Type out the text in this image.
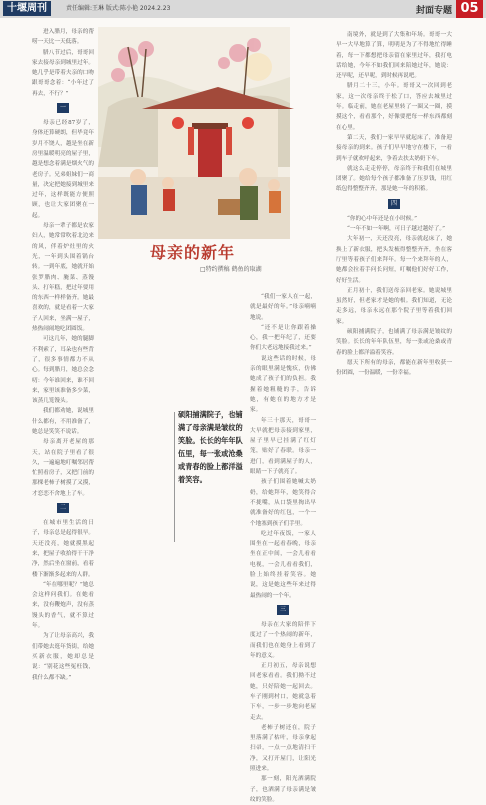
十堰周刊	责任编辑:王琳 版式:陈小艳 2024.2.23	封面专题 05

进入腊月，母亲的帮唠一天比一天低落。

腊八节过后，哥哥回家去接母亲到城里过年。她几乎是带着夫亲的口吻跟哥哥念着：“小年过了再去，不行？”

一

母亲已经87岁了，身体还算硬朗，但毕竟年岁月不饶人，越是坐在新房里温暖明亮的屋子里，越是想念着满是烟火气的老房子。兄弟姐妹们一商量，决定把她接到城里来过年，这样既能方便照顾，也让大家团聚在一起。

母亲一辈子都是农家妇人，她常常吹着北边来的风，伴着炉灶里的火光，一年到头围着锅台转。一到年底，她就开始张罗腊肉、腌菜、蒸馒头、打年糕，把过年要用的东西一样样备齐。她最喜欢的，就是看着一大家子人回来，坐满一屋子，热热闹闹地吃团圆饭。

可这几年，她的腿脚不利索了，耳朵也有些背了，很多事情都力不从心。每到腊月，她总会念叨：今年谁回来，谁不回来，家里该准备多少菜，该蒸几笼馒头。

我们都劝她，说城里什么都有，不用准备了，她总是笑笑不说话。

母亲离开老屋的那天，站在院子里看了很久，一遍遍地叮嘱邻居帮忙照看房子，又把门前的那棵老柿子树摸了又摸，才恋恋不舍地上了车。

二

在城市里生活的日子，母亲总是起得很早。天还没亮，她就摸黑起来，把屋子收拾得干干净净，然后坐在窗前，看着楼下渐渐多起来的人群。

“年在哪里呢？”她总会这样问我们。在她看来，没有鞭炮声，没有蒸馒头的香气，就不算过年。

为了让母亲高兴，我们带她去逛年货街，给她买新衣服，她却总是说：“别花这些冤枉钱，我什么都不缺。”

“我们一家人在一起，就是最好的年。”母亲喃喃地说。

“还不是让你跟着操心，我一把年纪了，还要你们大老远地接我过来。”

说这些话的时候，母亲的眼里满是愧疚，仿佛她成了孩子们的负担。我握着她粗糙的手，告诉她，有她在的地方才是家。

年三十那天，哥哥一大早就把母亲接到家里，屋子里早已挂满了红灯笼，贴好了春联。母亲一进门，看到满屋子的人，眼睛一下子就亮了。

孩子们围着她喊太奶奶，给她拜年，她笑得合不拢嘴，从口袋里掏出早就准备好的红包，一个一个地塞到孩子们手里。

吃过年夜饭，一家人围坐在一起看春晚，母亲坐在正中间，一会儿看看电视，一会儿看看我们，脸上始终挂着笑容。她说，这是她这些年来过得最热闹的一个年。

三

母亲在大家的陪伴下度过了一个热闹的新年，而我们也在她身上看到了年的意义。

正月初五，母亲说想回老家看看。我们拗不过她，只好陪她一起回去。车子刚到村口，她就急着下车，一步一步地向老屋走去。

老柿子树还在，院子里落满了枯叶，母亲拿起扫帚，一点一点地清扫干净，又打开屋门，让阳光照进来。

那一刻，阳光洒满院子，也洒满了母亲满是皱纹的笑脸。

南境外，就是到了大集和年场。哥哥一大早一大早地算了算，明明是为了不得地忙得睡着，每一下都想把母亲留在家里过年，我打电话给她，今年不如我们回来陪她过年，她说：还早呢，还早呢，到时候再说吧。

腊月二十三，小年。哥哥又一次回到老家，这一次母亲终于松了口，答应去城里过年。临走前，她在老屋里转了一圈又一圈，摸摸这个，看看那个，好像要把每一样东西都刻在心里。

第二天，我们一家早早就起床了，准备迎接母亲的到来。孩子们早早地守在楼下，一看到车子就欢呼起来，争着去扶太奶奶下车。

就这么走走停停，母亲终于和我们在城里团聚了。她给每个孩子都准备了压岁钱，用红纸包得整整齐齐，那是她一年的积蓄。

四

“你的心中年还是在小时候。”

“一年不如一年啊，可日子越过越好了。”

大年初一，天还没亮，母亲就起床了，她换上了新衣服，把头发梳得整整齐齐，坐在客厅里等着孩子们来拜年。每一个来拜年的人，她都会拉着手问长问短，叮嘱他们好好工作，好好生活。

正月初十，我们送母亲回老家。她说城里虽然好，但老家才是她的根。我们知道，无论走多远，母亲永远在那个院子里等着我们回家。

硕阳捕满院子，也铺满了母亲满是皱纹的笑脸。长长的年年队伍里，每一张或沧桑或青春的脸上都洋溢着笑容。

愿天下所有的母亲，都能在新年里收获一份团圆，一份温暖，一份幸福。

母亲的新年
□特约撰稿 鹤鱼的取湖
硕阳捕满院子，也铺满了母亲满是皱纹的笑脸。长长的年年队伍里，每一张或沧桑或青春的脸上都洋溢着笑容。
